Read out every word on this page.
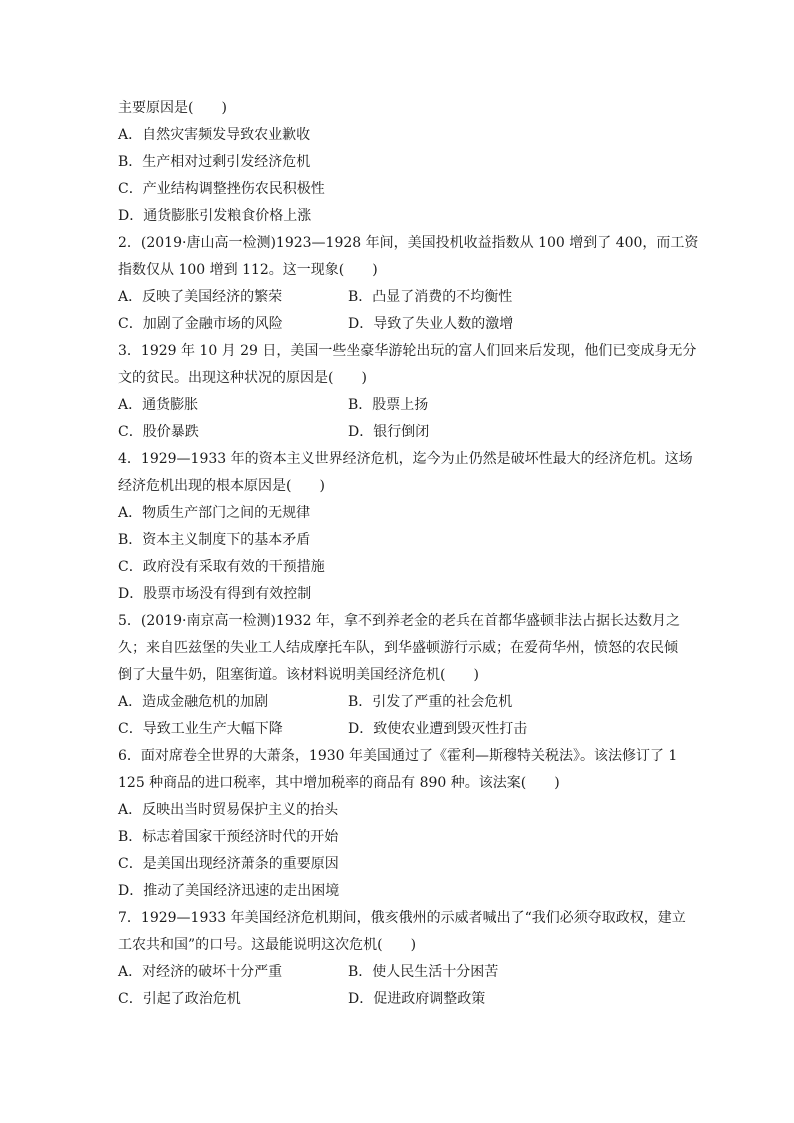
主要原因是(　　)
A．自然灾害频发导致农业歉收
B．生产相对过剩引发经济危机
C．产业结构调整挫伤农民积极性
D．通货膨胀引发粮食价格上涨
2．(2019·唐山高一检测)1923—1928 年间，美国投机收益指数从 100 增到了 400，而工资
指数仅从 100 增到 112。这一现象(　　)
A．反映了美国经济的繁荣	B．凸显了消费的不均衡性
C．加剧了金融市场的风险	D．导致了失业人数的激增
3．1929 年 10 月 29 日，美国一些坐豪华游轮出玩的富人们回来后发现，他们已变成身无分
文的贫民。出现这种状况的原因是(　　)
A．通货膨胀	B．股票上扬
C．股价暴跌	D．银行倒闭
4．1929—1933 年的资本主义世界经济危机，迄今为止仍然是破坏性最大的经济危机。这场
经济危机出现的根本原因是(　　)
A．物质生产部门之间的无规律
B．资本主义制度下的基本矛盾
C．政府没有采取有效的干预措施
D．股票市场没有得到有效控制
5．(2019·南京高一检测)1932 年，拿不到养老金的老兵在首都华盛顿非法占据长达数月之
久；来自匹兹堡的失业工人结成摩托车队，到华盛顿游行示威；在爱荷华州，愤怒的农民倾
倒了大量牛奶，阻塞街道。该材料说明美国经济危机(　　)
A．造成金融危机的加剧	B．引发了严重的社会危机
C．导致工业生产大幅下降	D．致使农业遭到毁灭性打击
6．面对席卷全世界的大萧条，1930 年美国通过了《霍利—斯穆特关税法》。该法修订了 1
125 种商品的进口税率，其中增加税率的商品有 890 种。该法案(　　)
A．反映出当时贸易保护主义的抬头
B．标志着国家干预经济时代的开始
C．是美国出现经济萧条的重要原因
D．推动了美国经济迅速的走出困境
7．1929—1933 年美国经济危机期间，俄亥俄州的示威者喊出了“我们必须夺取政权，建立
工农共和国”的口号。这最能说明这次危机(　　)
A．对经济的破坏十分严重	B．使人民生活十分困苦
C．引起了政治危机	D．促进政府调整政策
